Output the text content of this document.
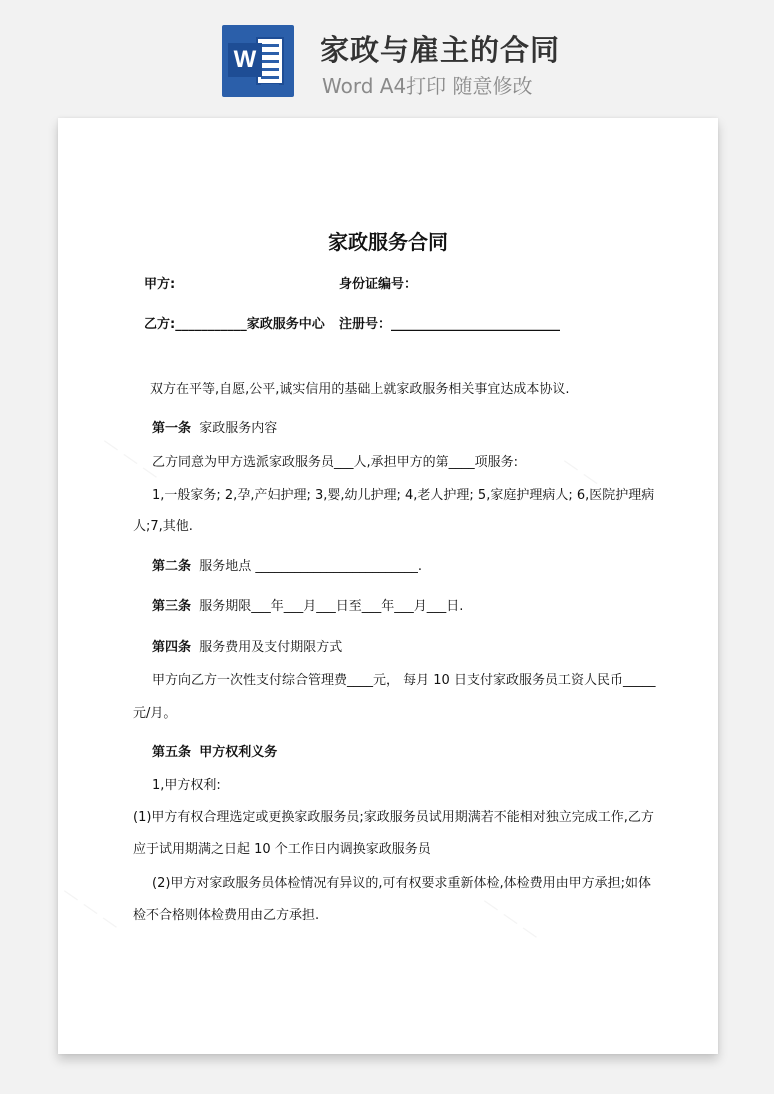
W 家政与雇主的合同
Word A4打印 随意修改
— — —	— — —
— — —	— — —
家政服务合同
甲方:	身份证编号：
乙方:___________家政服务中心 注册号：__________________________
双方在平等,自愿,公平,诚实信用的基础上就家政服务相关事宜达成本协议.
第一条 家政服务内容
乙方同意为甲方选派家政服务员___人,承担甲方的第____项服务:
1,一般家务; 2,孕,产妇护理; 3,婴,幼儿护理; 4,老人护理; 5,家庭护理病人; 6,医院护理病
人;7,其他.
第二条 服务地点 _________________________.
第三条 服务期限___年___月___日至___年___月___日.
第四条 服务费用及支付期限方式
甲方向乙方一次性支付综合管理费____元， 每月 10 日支付家政服务员工资人民币_____
元/月。
第五条 甲方权利义务
1,甲方权利:
(1)甲方有权合理选定或更换家政服务员;家政服务员试用期满若不能相对独立完成工作,乙方
应于试用期满之日起 10 个工作日内调换家政服务员
(2)甲方对家政服务员体检情况有异议的,可有权要求重新体检,体检费用由甲方承担;如体
检不合格则体检费用由乙方承担.
